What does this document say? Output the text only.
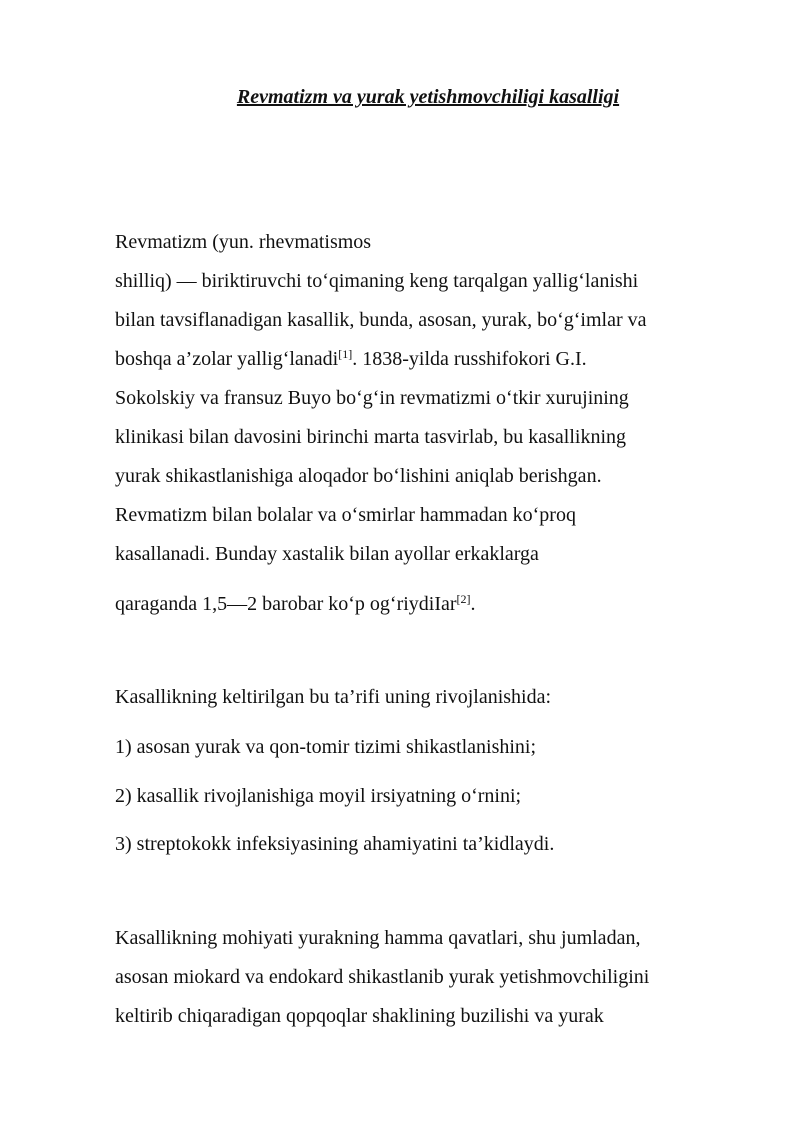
Revmatizm va yurak yetishmovchiligi kasalligi
Revmatizm (yun. rhevmatismos
shilliq) — biriktiruvchi to‘qimaning keng tarqalgan yallig‘lanishi
bilan tavsiflanadigan kasallik, bunda, asosan, yurak, bo‘g‘imlar va
boshqa a’zolar yallig‘lanadi[1]. 1838-yilda russhifokori G.I.
Sokolskiy va fransuz Buyo bo‘g‘in revmatizmi o‘tkir xurujining
klinikasi bilan davosini birinchi marta tasvirlab, bu kasallikning
yurak shikastlanishiga aloqador bo‘lishini aniqlab berishgan.
Revmatizm bilan bolalar va o‘smirlar hammadan ko‘proq
kasallanadi. Bunday xastalik bilan ayollar erkaklarga
qaraganda 1,5—2 barobar ko‘p og‘riydiIar[2].
Kasallikning keltirilgan bu ta’rifi uning rivojlanishida:
1) asosan yurak va qon-tomir tizimi shikastlanishini;
2) kasallik rivojlanishiga moyil irsiyatning o‘rnini;
3) streptokokk infeksiyasining ahamiyatini ta’kidlaydi.
Kasallikning mohiyati yurakning hamma qavatlari, shu jumladan,
asosan miokard va endokard shikastlanib yurak yetishmovchiligini
keltirib chiqaradigan qopqoqlar shaklining buzilishi va yurak
